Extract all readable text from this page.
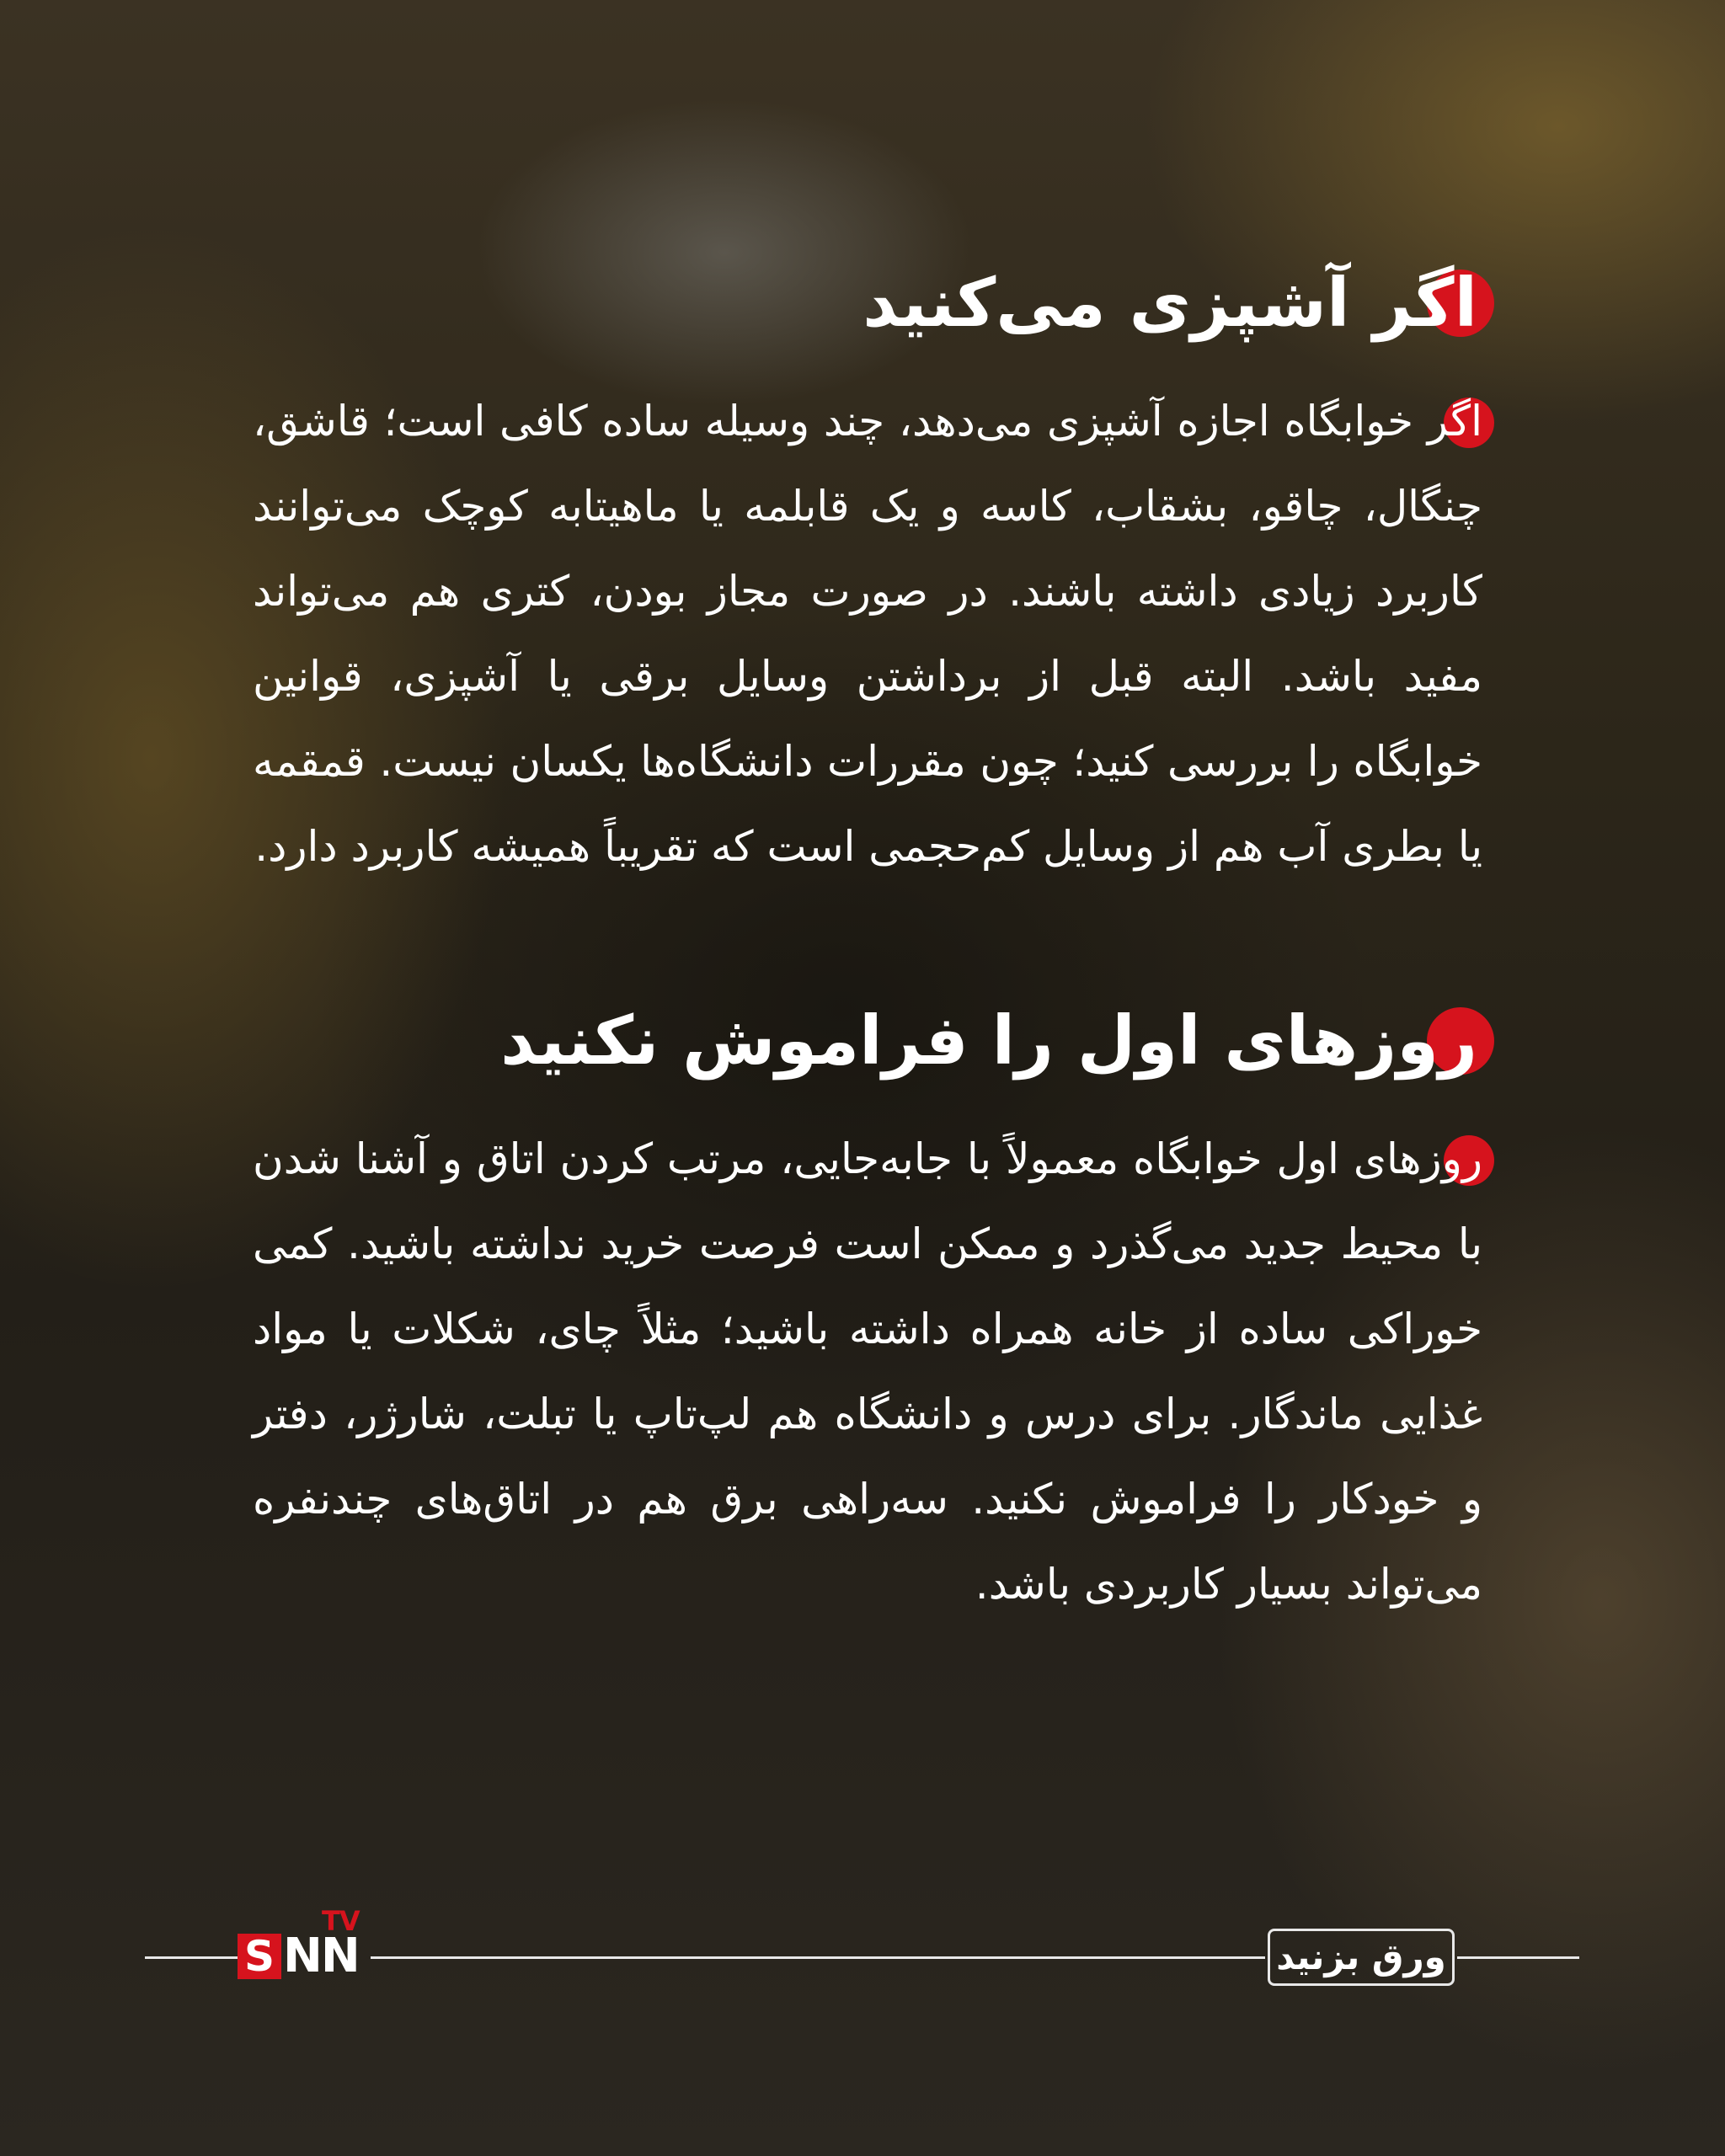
اگر آشپزی می‌کنید

اگر خوابگاه اجازه آشپزی می‌دهد، چند وسیله ساده کافی است؛ قاشق، چنگال، چاقو، بشقاب، کاسه و یک قابلمه یا ماهیتابه کوچک می‌توانند کاربرد زیادی داشته باشند. در صورت مجاز بودن، کتری هم می‌تواند مفید باشد. البته قبل از برداشتن وسایل برقی یا آشپزی، قوانین خوابگاه را بررسی کنید؛ چون مقررات دانشگاه‌ها یکسان نیست. قمقمه یا بطری آب هم از وسایل کم‌حجمی است که تقریباً همیشه کاربرد دارد.

روزهای اول را فراموش نکنید

روزهای اول خوابگاه معمولاً با جابه‌جایی، مرتب کردن اتاق و آشنا شدن با محیط جدید می‌گذرد و ممکن است فرصت خرید نداشته باشید. کمی خوراکی ساده از خانه همراه داشته باشید؛ مثلاً چای، شکلات یا مواد غذایی ماندگار. برای درس و دانشگاه هم لپ‌تاپ یا تبلت، شارژر، دفتر و خودکار را فراموش نکنید. سه‌راهی برق هم در اتاق‌های چندنفره می‌تواند بسیار کاربردی باشد.

TV
S NN	ورق بزنید
